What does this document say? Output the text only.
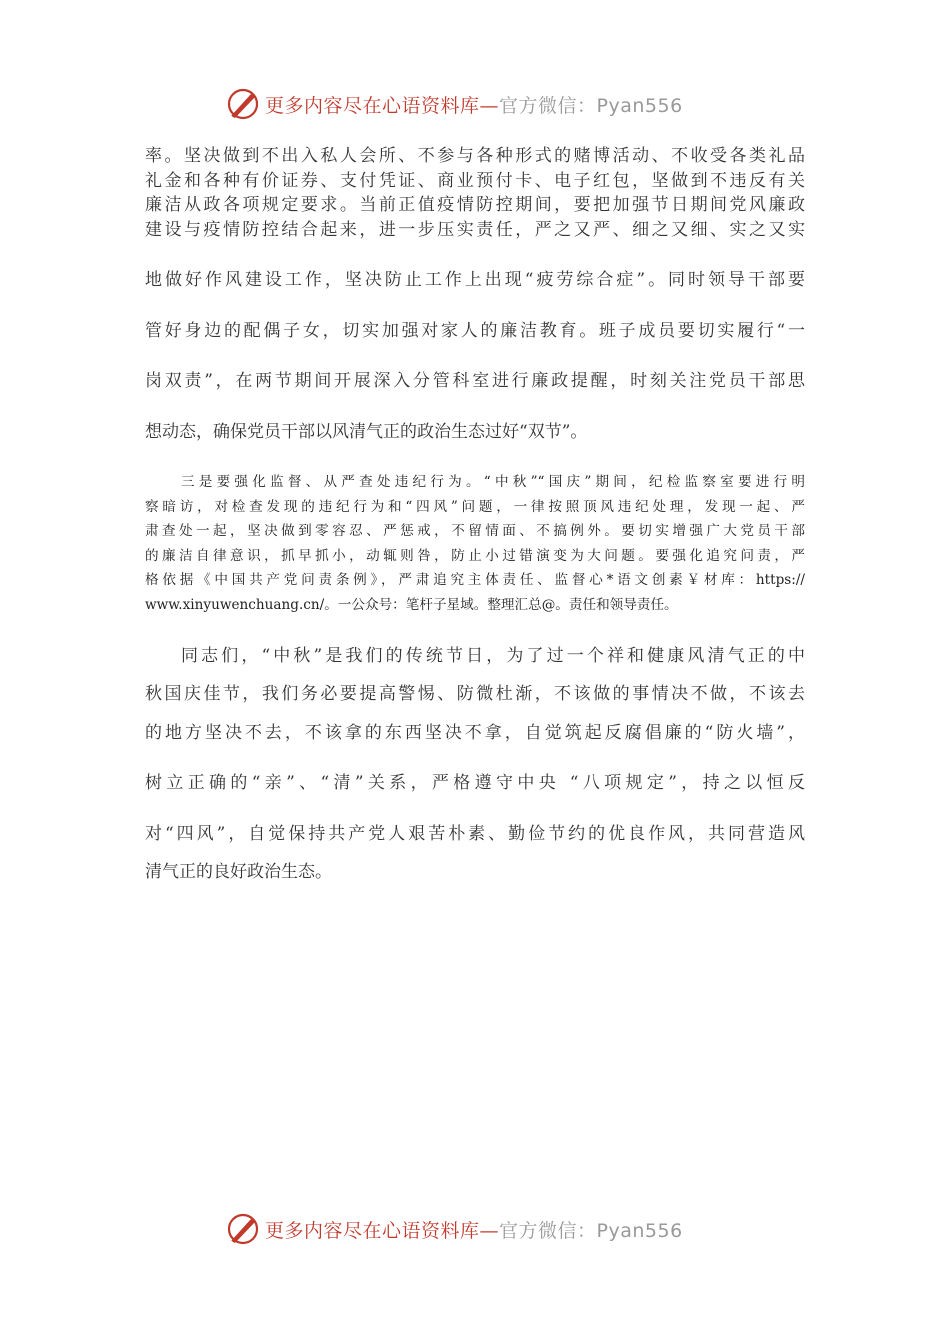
更多内容尽在心语资料库—官方微信：Pyan556
率。坚决做到不出入私人会所、不参与各种形式的赌博活动、不收受各类礼品
礼金和各种有价证券、支付凭证、商业预付卡、电子红包，坚做到不违反有关
廉洁从政各项规定要求。当前正值疫情防控期间，要把加强节日期间党风廉政
建设与疫情防控结合起来，进一步压实责任，严之又严、细之又细、实之又实
地做好作风建设工作，坚决防止工作上出现“疲劳综合症”。同时领导干部要
管好身边的配偶子女，切实加强对家人的廉洁教育。班子成员要切实履行“一
岗双责”，在两节期间开展深入分管科室进行廉政提醒，时刻关注党员干部思
想动态，确保党员干部以风清气正的政治生态过好“双节”。
三是要强化监督、从严查处违纪行为。“中秋”“国庆”期间，纪检监察室要进行明
察暗访，对检查发现的违纪行为和“四风”问题，一律按照顶风违纪处理，发现一起、严
肃查处一起，坚决做到零容忍、严惩戒，不留情面、不搞例外。要切实增强广大党员干部
的廉洁自律意识，抓早抓小，动辄则咎，防止小过错演变为大问题。要强化追究问责，严
格依据《中国共产党问责条例》，严肃追究主体责任、监督心*语文创素￥材库：https://
www.xinyuwenchuang.cn/。一公众号：笔杆子星域。整理汇总@。责任和领导责任。
同志们，“中秋”是我们的传统节日，为了过一个祥和健康风清气正的中
秋国庆佳节，我们务必要提高警惕、防微杜渐，不该做的事情决不做，不该去
的地方坚决不去，不该拿的东西坚决不拿，自觉筑起反腐倡廉的“防火墙”，
树立正确的“亲”、“清”关系，严格遵守中央 “八项规定”，持之以恒反
对“四风”，自觉保持共产党人艰苦朴素、勤俭节约的优良作风，共同营造风
清气正的良好政治生态。
更多内容尽在心语资料库—官方微信：Pyan556
